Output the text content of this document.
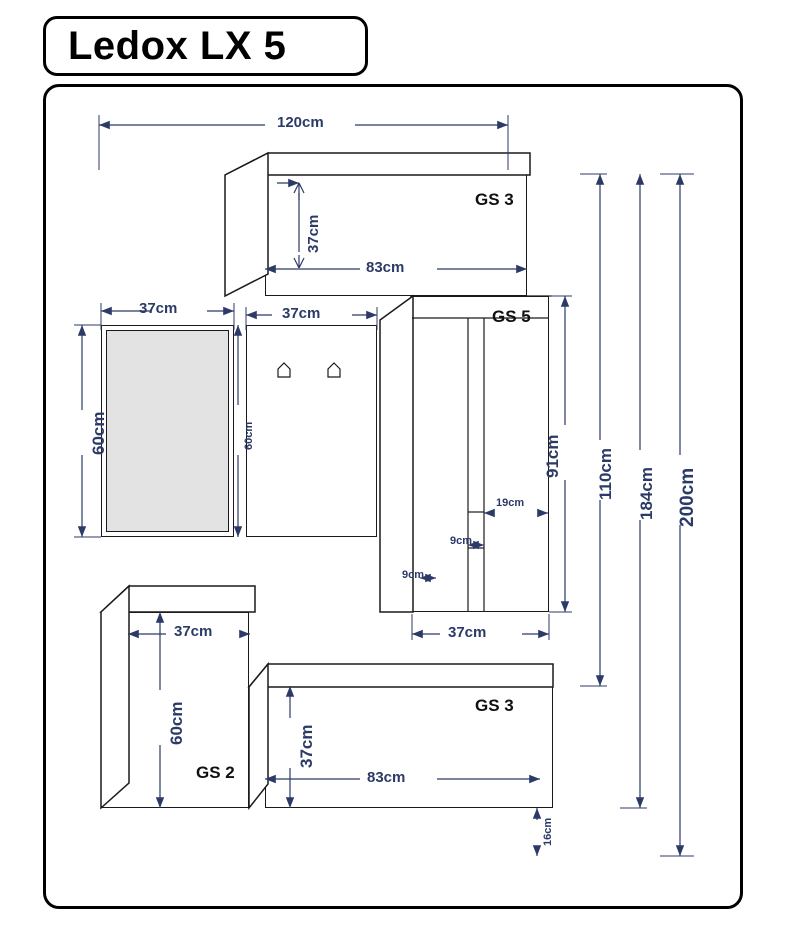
Ledox LX 5
GS 3
GS 5
GS 2
GS 3
120cm
37cm
83cm
37cm	37cm
60cm	60cm	91cm 110cm 184cm 200cm
19cm
9cm
9cm
37cm
37cm
60cm
37cm
83cm
16cm
